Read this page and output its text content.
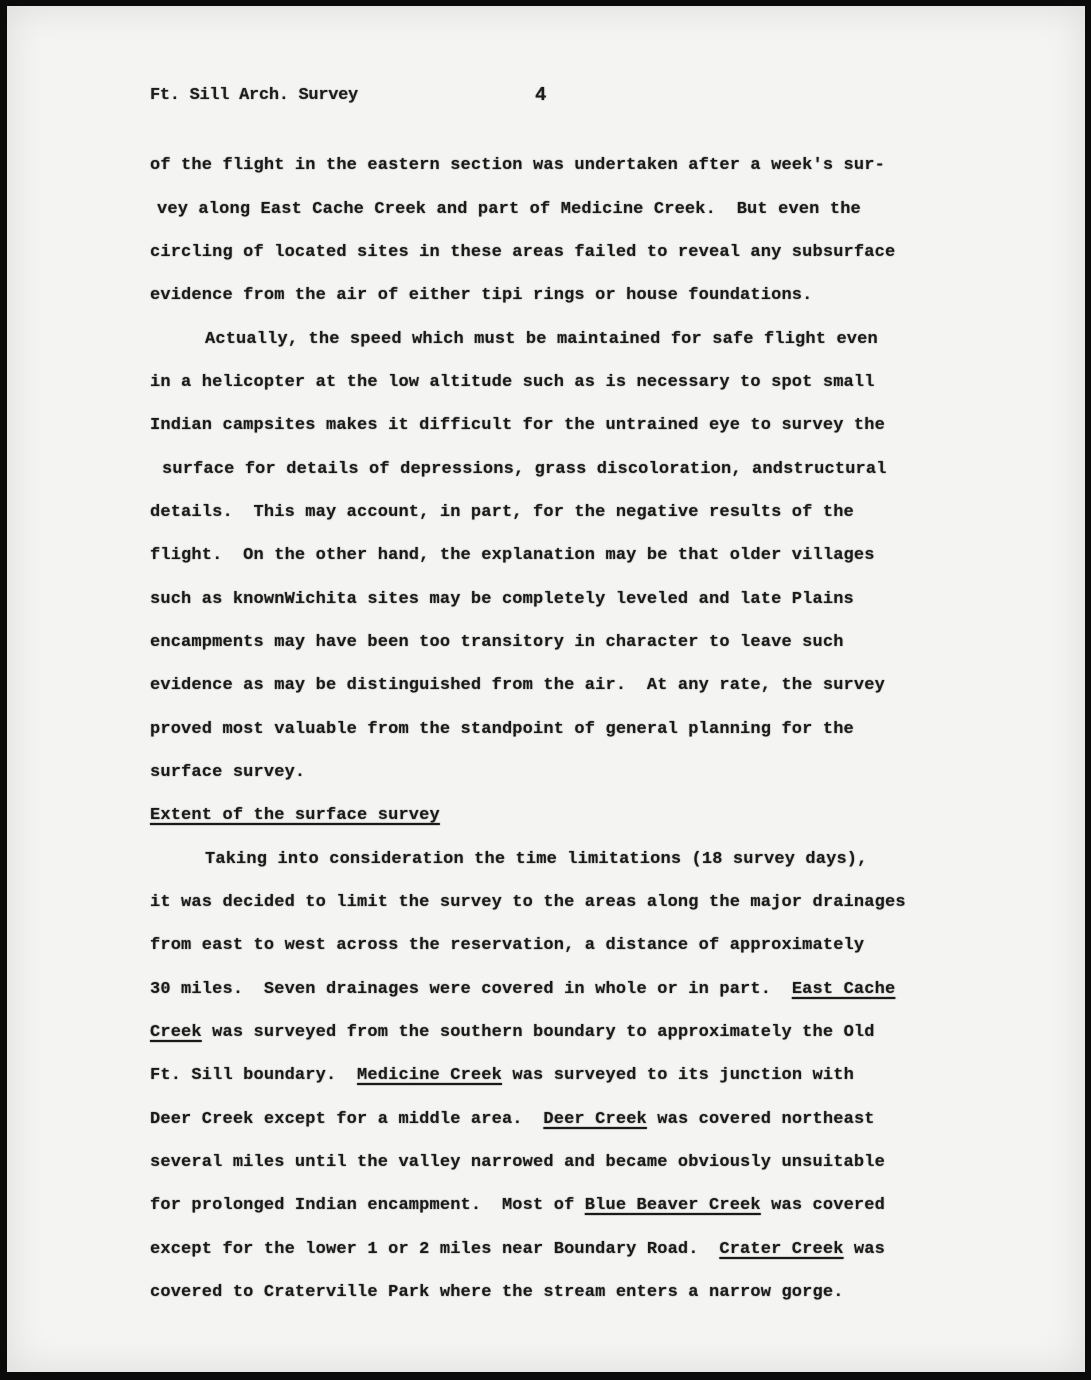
Ft. Sill Arch. Survey	4
of the flight in the eastern section was undertaken after a week's sur-
vey along East Cache Creek and part of Medicine Creek.  But even the
circling of located sites in these areas failed to reveal any subsurface
evidence from the air of either tipi rings or house foundations.
Actually, the speed which must be maintained for safe flight even
in a helicopter at the low altitude such as is necessary to spot small
Indian campsites makes it difficult for the untrained eye to survey the
surface for details of depressions, grass discoloration, andstructural
details.  This may account, in part, for the negative results of the
flight.  On the other hand, the explanation may be that older villages
such as knownWichita sites may be completely leveled and late Plains
encampments may have been too transitory in character to leave such
evidence as may be distinguished from the air.  At any rate, the survey
proved most valuable from the standpoint of general planning for the
surface survey.
Extent of the surface survey
Taking into consideration the time limitations (18 survey days),
it was decided to limit the survey to the areas along the major drainages
from east to west across the reservation, a distance of approximately
30 miles.  Seven drainages were covered in whole or in part.  East Cache
Creek was surveyed from the southern boundary to approximately the Old
Ft. Sill boundary.  Medicine Creek was surveyed to its junction with
Deer Creek except for a middle area.  Deer Creek was covered northeast
several miles until the valley narrowed and became obviously unsuitable
for prolonged Indian encampment.  Most of Blue Beaver Creek was covered
except for the lower 1 or 2 miles near Boundary Road.  Crater Creek was
covered to Craterville Park where the stream enters a narrow gorge.
